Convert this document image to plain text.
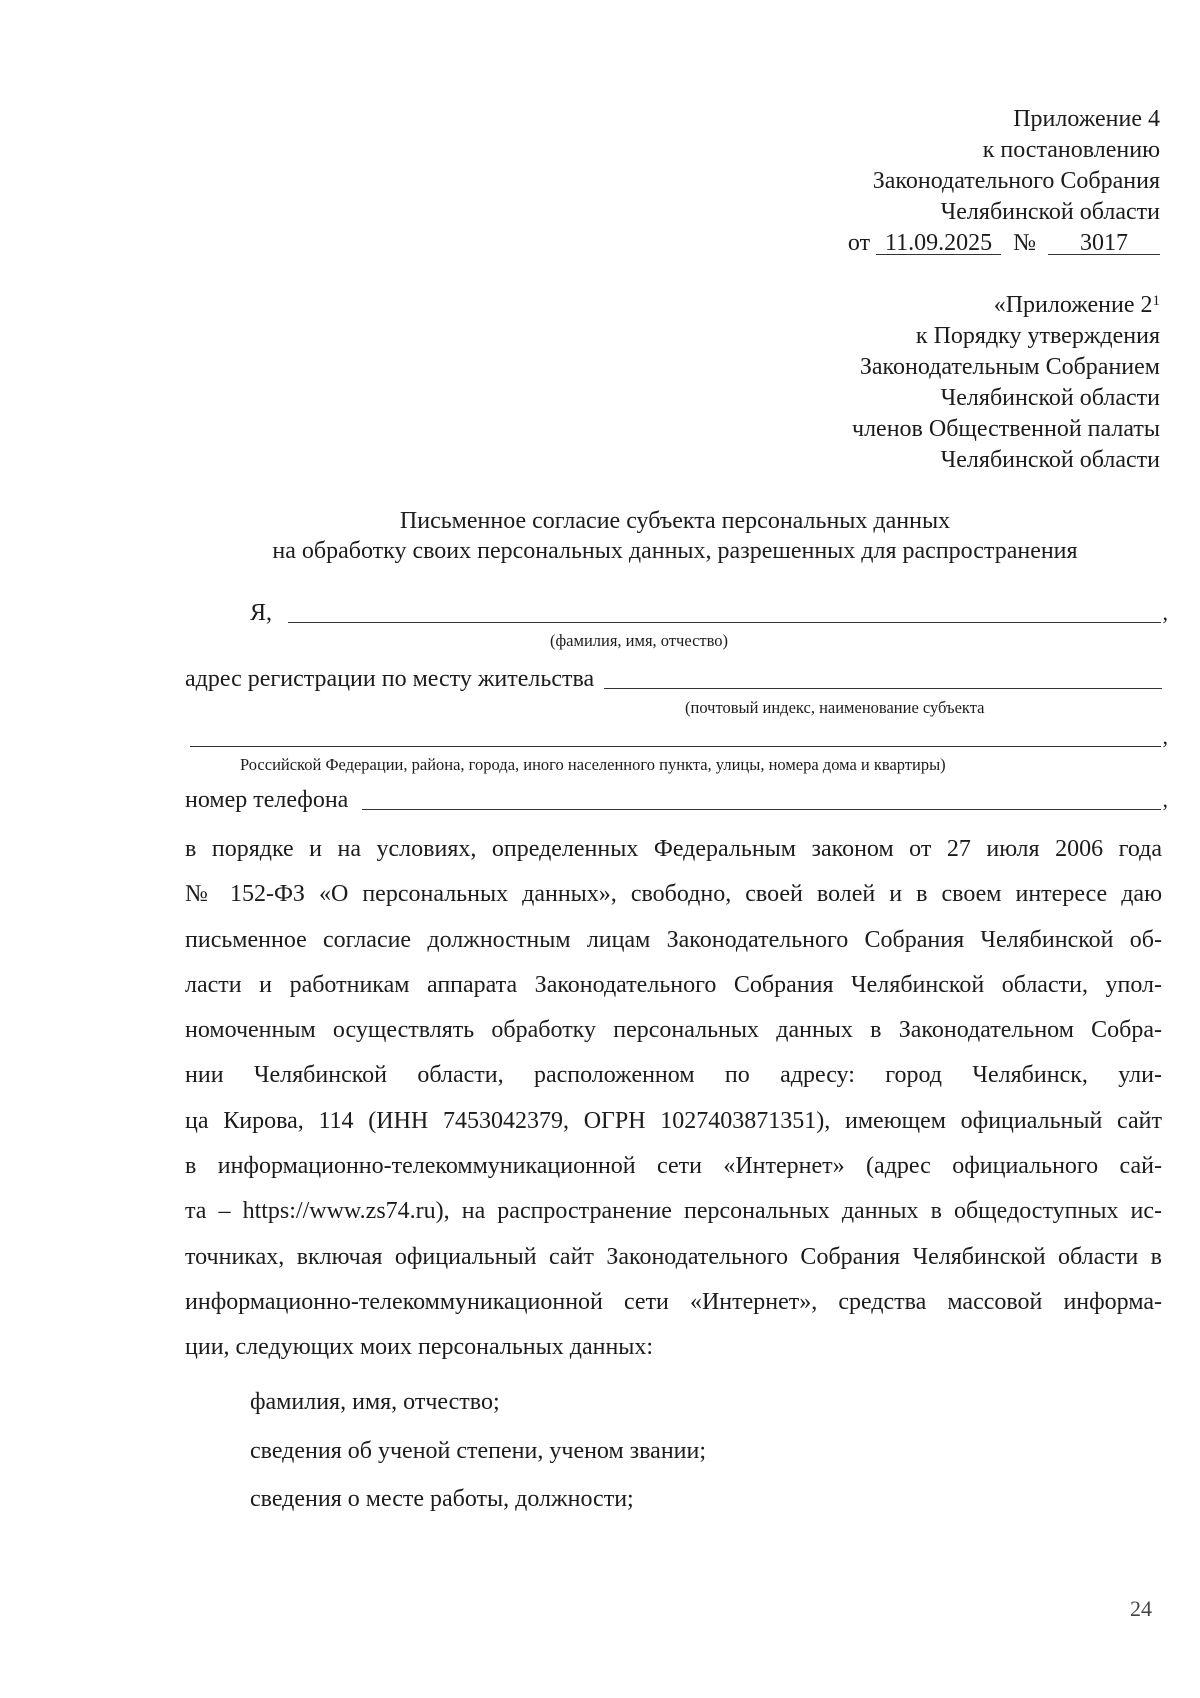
Приложение 4
к постановлению
Законодательного Собрания
Челябинской области
от 11.09.2025 № 3017
«Приложение $2^1$
к Порядку утверждения
Законодательным Собранием
Челябинской области
членов Общественной палаты
Челябинской области
Письменное согласие субъекта персональных данных
на обработку своих персональных данных, разрешенных для распространения
Я,	,
(фамилия, имя, отчество)
адрес регистрации по месту жительства
(почтовый индекс, наименование субъекта
,
Российской Федерации, района, города, иного населенного пункта, улицы, номера дома и квартиры)
номер телефона	,

в порядке и на условиях, определенных Федеральным законом от 27 июля 2006 года

№ 152-ФЗ «О персональных данных», свободно, своей волей и в своем интересе даю

письменное согласие должностным лицам Законодательного Собрания Челябинской об-

ласти и работникам аппарата Законодательного Собрания Челябинской области, упол-

номоченным осуществлять обработку персональных данных в Законодательном Собра-

нии Челябинской области, расположенном по адресу: город Челябинск, ули-

ца Кирова, 114 (ИНН 7453042379, ОГРН 1027403871351), имеющем официальный сайт

в информационно-телекоммуникационной сети «Интернет» (адрес официального сай-

та – https://www.zs74.ru), на распространение персональных данных в общедоступных ис-

точниках, включая официальный сайт Законодательного Собрания Челябинской области в

информационно-телекоммуникационной сети «Интернет», средства массовой информа-

ции, следующих моих персональных данных:

фамилия, имя, отчество;
сведения об ученой степени, ученом звании;
сведения о месте работы, должности;
24
